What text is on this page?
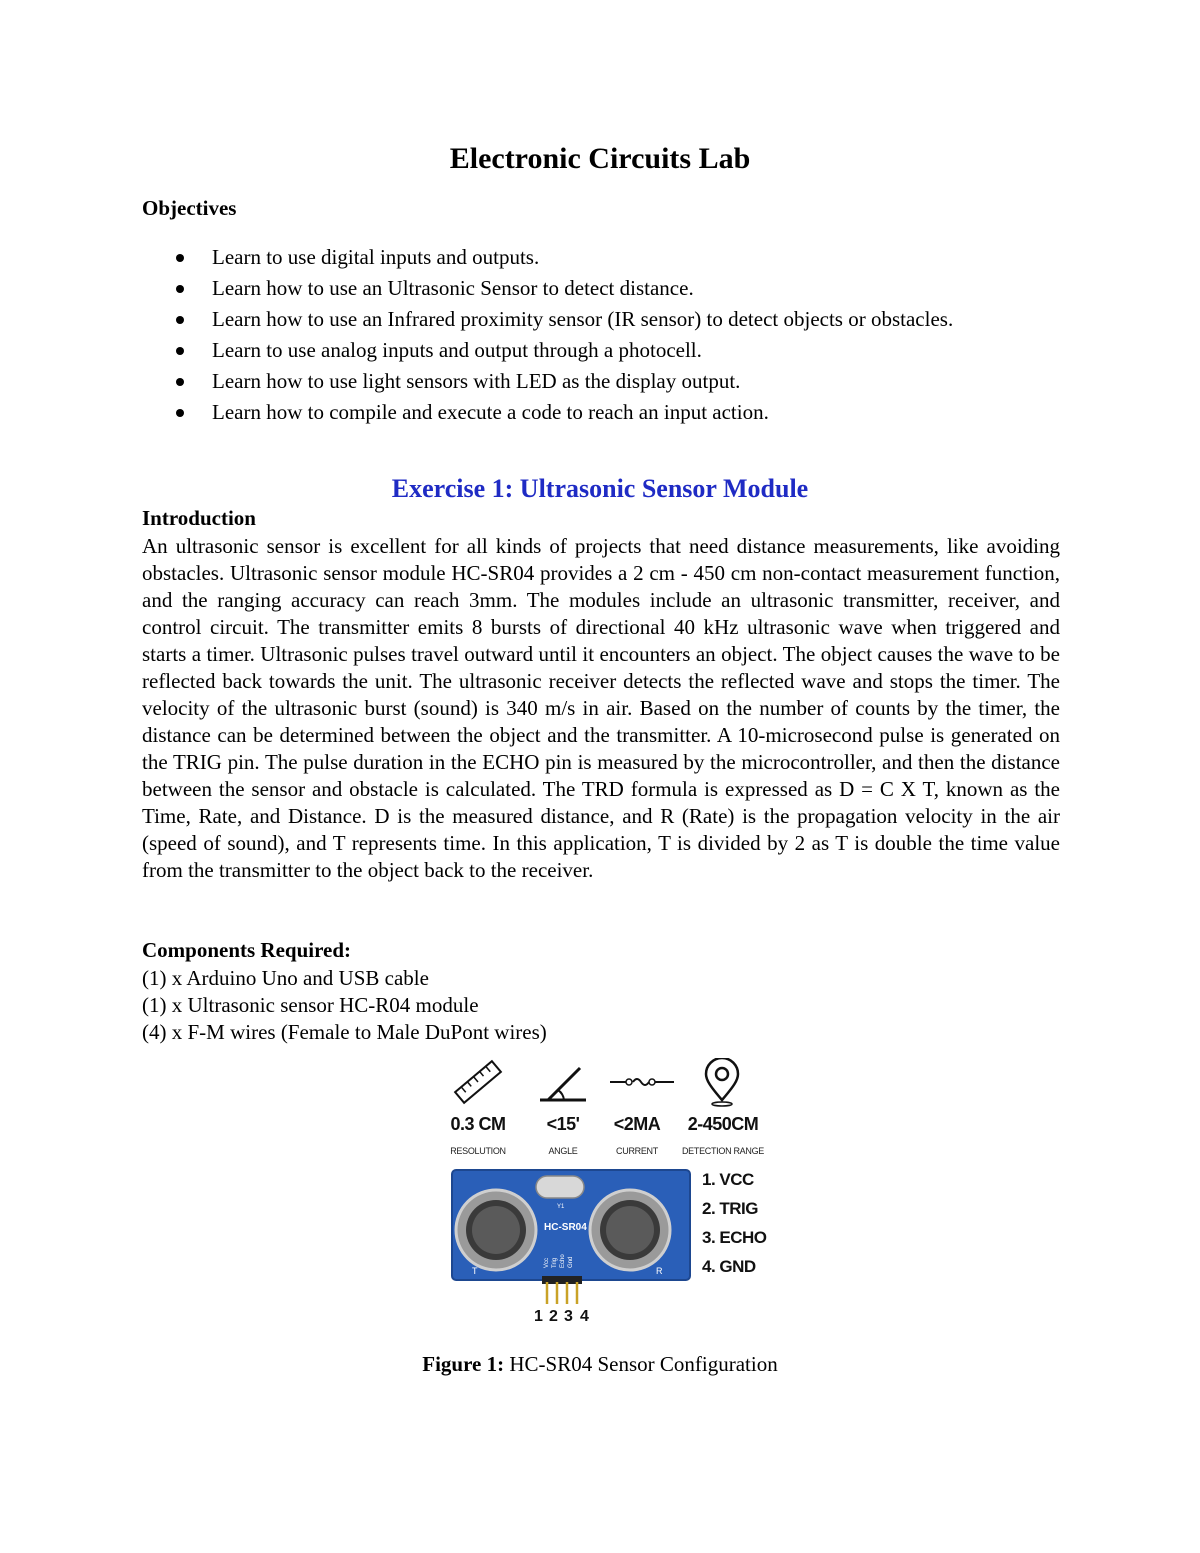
Electronic Circuits Lab
Objectives
Learn to use digital inputs and outputs.
Learn how to use an Ultrasonic Sensor to detect distance.
Learn how to use an Infrared proximity sensor (IR sensor) to detect objects or obstacles.
Learn to use analog inputs and output through a photocell.
Learn how to use light sensors with LED as the display output.
Learn how to compile and execute a code to reach an input action.
Exercise 1: Ultrasonic Sensor Module
Introduction

An ultrasonic sensor is excellent for all kinds of projects that need distance measurements, like avoiding obstacles. Ultrasonic sensor module HC-SR04 provides a 2 cm - 450 cm non-contact measurement function, and the ranging accuracy can reach 3mm. The modules include an ultrasonic transmitter, receiver, and control circuit. The transmitter emits 8 bursts of directional 40 kHz ultrasonic wave when triggered and starts a timer. Ultrasonic pulses travel outward until it encounters an object. The object causes the wave to be reflected back towards the unit. The ultrasonic receiver detects the reflected wave and stops the timer. The velocity of the ultrasonic burst (sound) is 340 m/s in air. Based on the number of counts by the timer, the distance can be determined between the object and the transmitter. A 10-microsecond pulse is generated on the TRIG pin. The pulse duration in the ECHO pin is measured by the microcontroller, and then the distance between the sensor and obstacle is calculated. The TRD formula is expressed as D = C X T, known as the Time, Rate, and Distance. D is the measured distance, and R (Rate) is the propagation velocity in the air (speed of sound), and T represents time. In this application, T is divided by 2 as T is double the time value from the transmitter to the object back to the receiver.

Components Required:
(1) x Arduino Uno and USB cable
(1) x Ultrasonic sensor HC-R04 module
(4) x F-M wires (Female to Male DuPont wires)
0.3 CM	<15'	<2MA	2-450CM
RESOLUTION	ANGLE	CURRENT	DETECTION RANGE
Y1
HC-SR04
T	R
Vcc Trig Echo Gnd
1. VCC
2. TRIG
3. ECHO
4. GND
1 2 3 4
Figure 1: HC-SR04 Sensor Configuration
